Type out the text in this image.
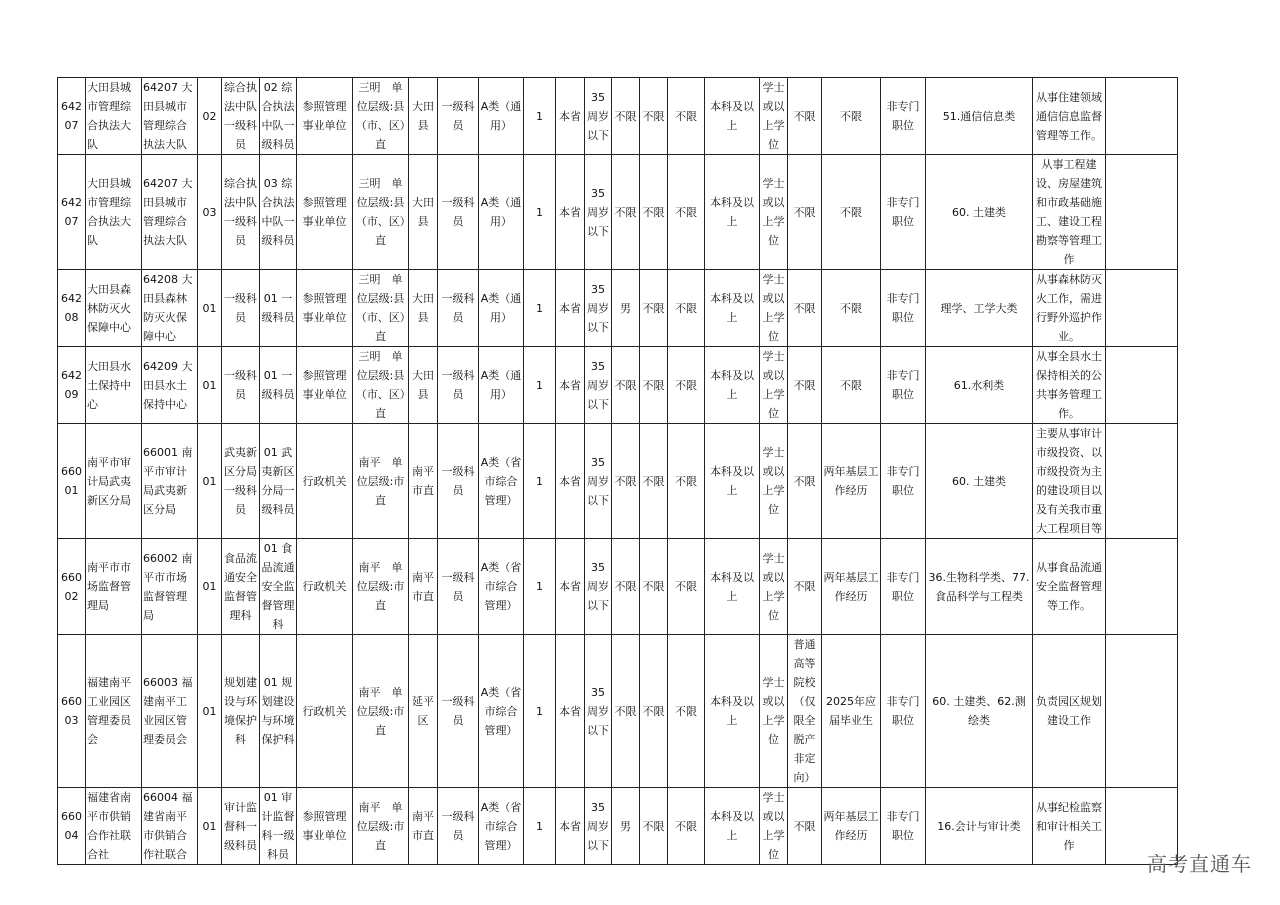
64207	大田县城市管理综合执法大队	64207 大田县城市管理综合执法大队	02	综合执法中队一级科员	02 综合执法中队一级科员	参照管理事业单位	三明　单位层级:县（市、区）直	大田县	一级科员	A类（通用）	1	本省	35周岁以下	不限	不限	不限	本科及以上	学士或以上学位	不限	不限	非专门职位	51.通信信息类	从事住建领域通信信息监督管理等工作。	
64207	大田县城市管理综合执法大队	64207 大田县城市管理综合执法大队	03	综合执法中队一级科员	03 综合执法中队一级科员	参照管理事业单位	三明　单位层级:县（市、区）直	大田县	一级科员	A类（通用）	1	本省	35周岁以下	不限	不限	不限	本科及以上	学士或以上学位	不限	不限	非专门职位	60. 土建类	从事工程建设、房屋建筑和市政基础施工、建设工程勘察等管理工作	
64208	大田县森林防灭火保障中心	64208 大田县森林防灭火保障中心	01	一级科员	01 一级科员	参照管理事业单位	三明　单位层级:县（市、区）直	大田县	一级科员	A类（通用）	1	本省	35周岁以下	男	不限	不限	本科及以上	学士或以上学位	不限	不限	非专门职位	理学、工学大类	从事森林防灭火工作，需进行野外巡护作业。	
64209	大田县水土保持中心	64209 大田县水土保持中心	01	一级科员	01 一级科员	参照管理事业单位	三明　单位层级:县（市、区）直	大田县	一级科员	A类（通用）	1	本省	35周岁以下	不限	不限	不限	本科及以上	学士或以上学位	不限	不限	非专门职位	61.水利类	从事全县水土保持相关的公共事务管理工作。	
66001	南平市审计局武夷新区分局	66001 南平市审计局武夷新区分局	01	武夷新区分局一级科员	01 武夷新区分局一级科员	行政机关	南平　单位层级:市直	南平市直	一级科员	A类（省市综合管理）	1	本省	35周岁以下	不限	不限	不限	本科及以上	学士或以上学位	不限	两年基层工作经历	非专门职位	60. 土建类	主要从事审计市级投资、以市级投资为主的建设项目以及有关我市重大工程项目等	
66002	南平市市场监督管理局	66002 南平市市场监督管理局	01	食品流通安全监督管理科	01 食品流通安全监督管理科	行政机关	南平　单位层级:市直	南平市直	一级科员	A类（省市综合管理）	1	本省	35周岁以下	不限	不限	不限	本科及以上	学士或以上学位	不限	两年基层工作经历	非专门职位	36.生物科学类、77.食品科学与工程类	从事食品流通安全监督管理等工作。	
66003	福建南平工业园区管理委员会	66003 福建南平工业园区管理委员会	01	规划建设与环境保护科	01 规划建设与环境保护科	行政机关	南平　单位层级:市直	延平区	一级科员	A类（省市综合管理）	1	本省	35周岁以下	不限	不限	不限	本科及以上	学士或以上学位	普通高等院校（仅限全脱产非定向）	2025年应届毕业生	非专门职位	60. 土建类、62.测绘类	负责园区规划建设工作	
66004	福建省南平市供销合作社联合社	66004 福建省南平市供销合作社联合	01	审计监督科一级科员	01 审计监督科一级科员	参照管理事业单位	南平　单位层级:市直	南平市直	一级科员	A类（省市综合管理）	1	本省	35周岁以下	男	不限	不限	本科及以上	学士或以上学位	不限	两年基层工作经历	非专门职位	16.会计与审计类	从事纪检监察和审计相关工作	
高考直通车
